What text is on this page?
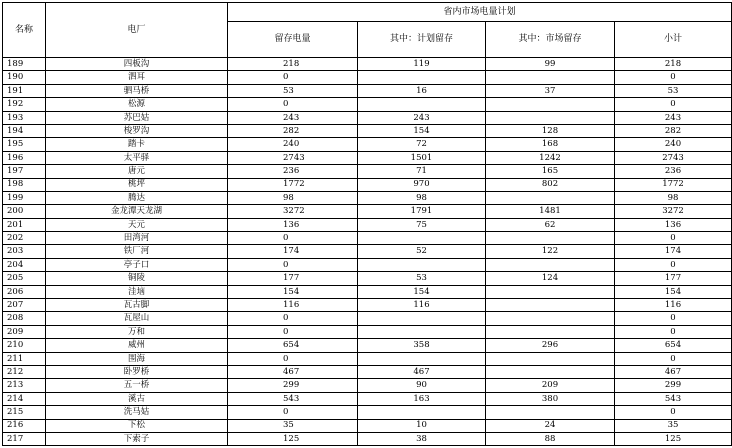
名称	电厂	省内市场电量计划			
		留存电量	其中：计划留存	其中：市场留存	小计
189	四板沟	218	119	99	218
190	泗耳	0			0
191	驷马桥	53	16	37	53
192	松源	0			0
193	苏巴姑	243	243		243
194	梭罗沟	282	154	128	282
195	踏卡	240	72	168	240
196	太平驿	2743	1501	1242	2743
197	唐元	236	71	165	236
198	桃坪	1772	970	802	1772
199	腾达	98	98		98
200	金龙潭天龙湖	3272	1791	1481	3272
201	天元	136	75	62	136
202	田湾河	0			0
203	铁厂河	174	52	122	174
204	亭子口	0			0
205	铜陵	177	53	124	177
206	洼垴	154	154		154
207	瓦古脚	116	116		116
208	瓦屋山	0			0
209	万和	0			0
210	威州	654	358	296	654
211	围海	0			0
212	卧罗桥	467	467		467
213	五一桥	299	90	209	299
214	溪古	543	163	380	543
215	洗马姑	0			0
216	下松	35	10	24	35
217	下索子	125	38	88	125
